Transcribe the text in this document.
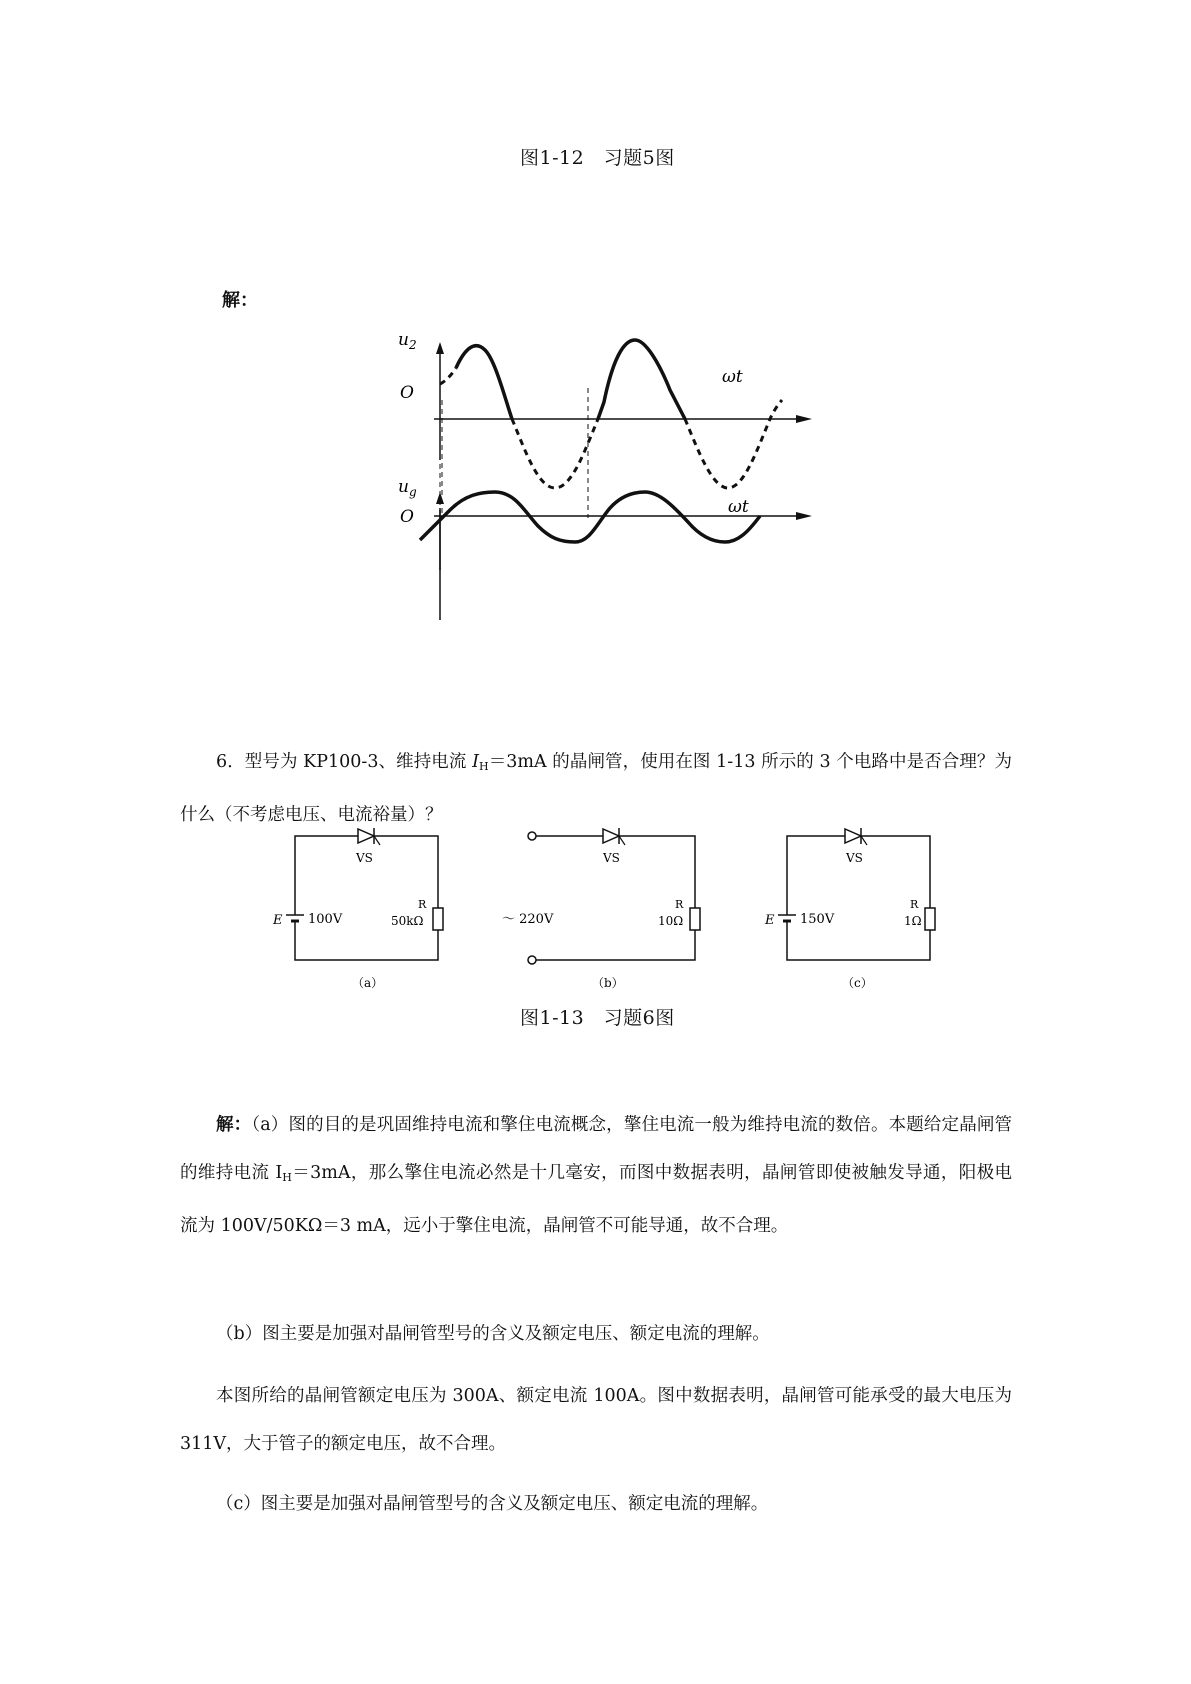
图1-12　习题5图
解：
$u_2$
O
ωt
$u_g$
O	ωt
6．型号为 KP100-3、维持电流 $I_H=3mA$ 的晶闸管，使用在图 1-13 所示的 3 个电路中是否合理？为什么（不考虑电压、电流裕量）？
E 100V
VS
R
50kΩ
（a）
～ 220V
VS
R
10Ω
（b）
E 150V
VS
R
1Ω
（c）
图1-13　习题6图
解：（a）图的目的是巩固维持电流和擎住电流概念，擎住电流一般为维持电流的数倍。本题给定晶闸管的维持电流 $I_H=3mA$，那么擎住电流必然是十几毫安，而图中数据表明，晶闸管即使被触发导通，阳极电流为 100V/50KΩ＝3 mA，远小于擎住电流，晶闸管不可能导通，故不合理。
（b）图主要是加强对晶闸管型号的含义及额定电压、额定电流的理解。
本图所给的晶闸管额定电压为 300A、额定电流 100A。图中数据表明，晶闸管可能承受的最大电压为 311V，大于管子的额定电压，故不合理。
（c）图主要是加强对晶闸管型号的含义及额定电压、额定电流的理解。
